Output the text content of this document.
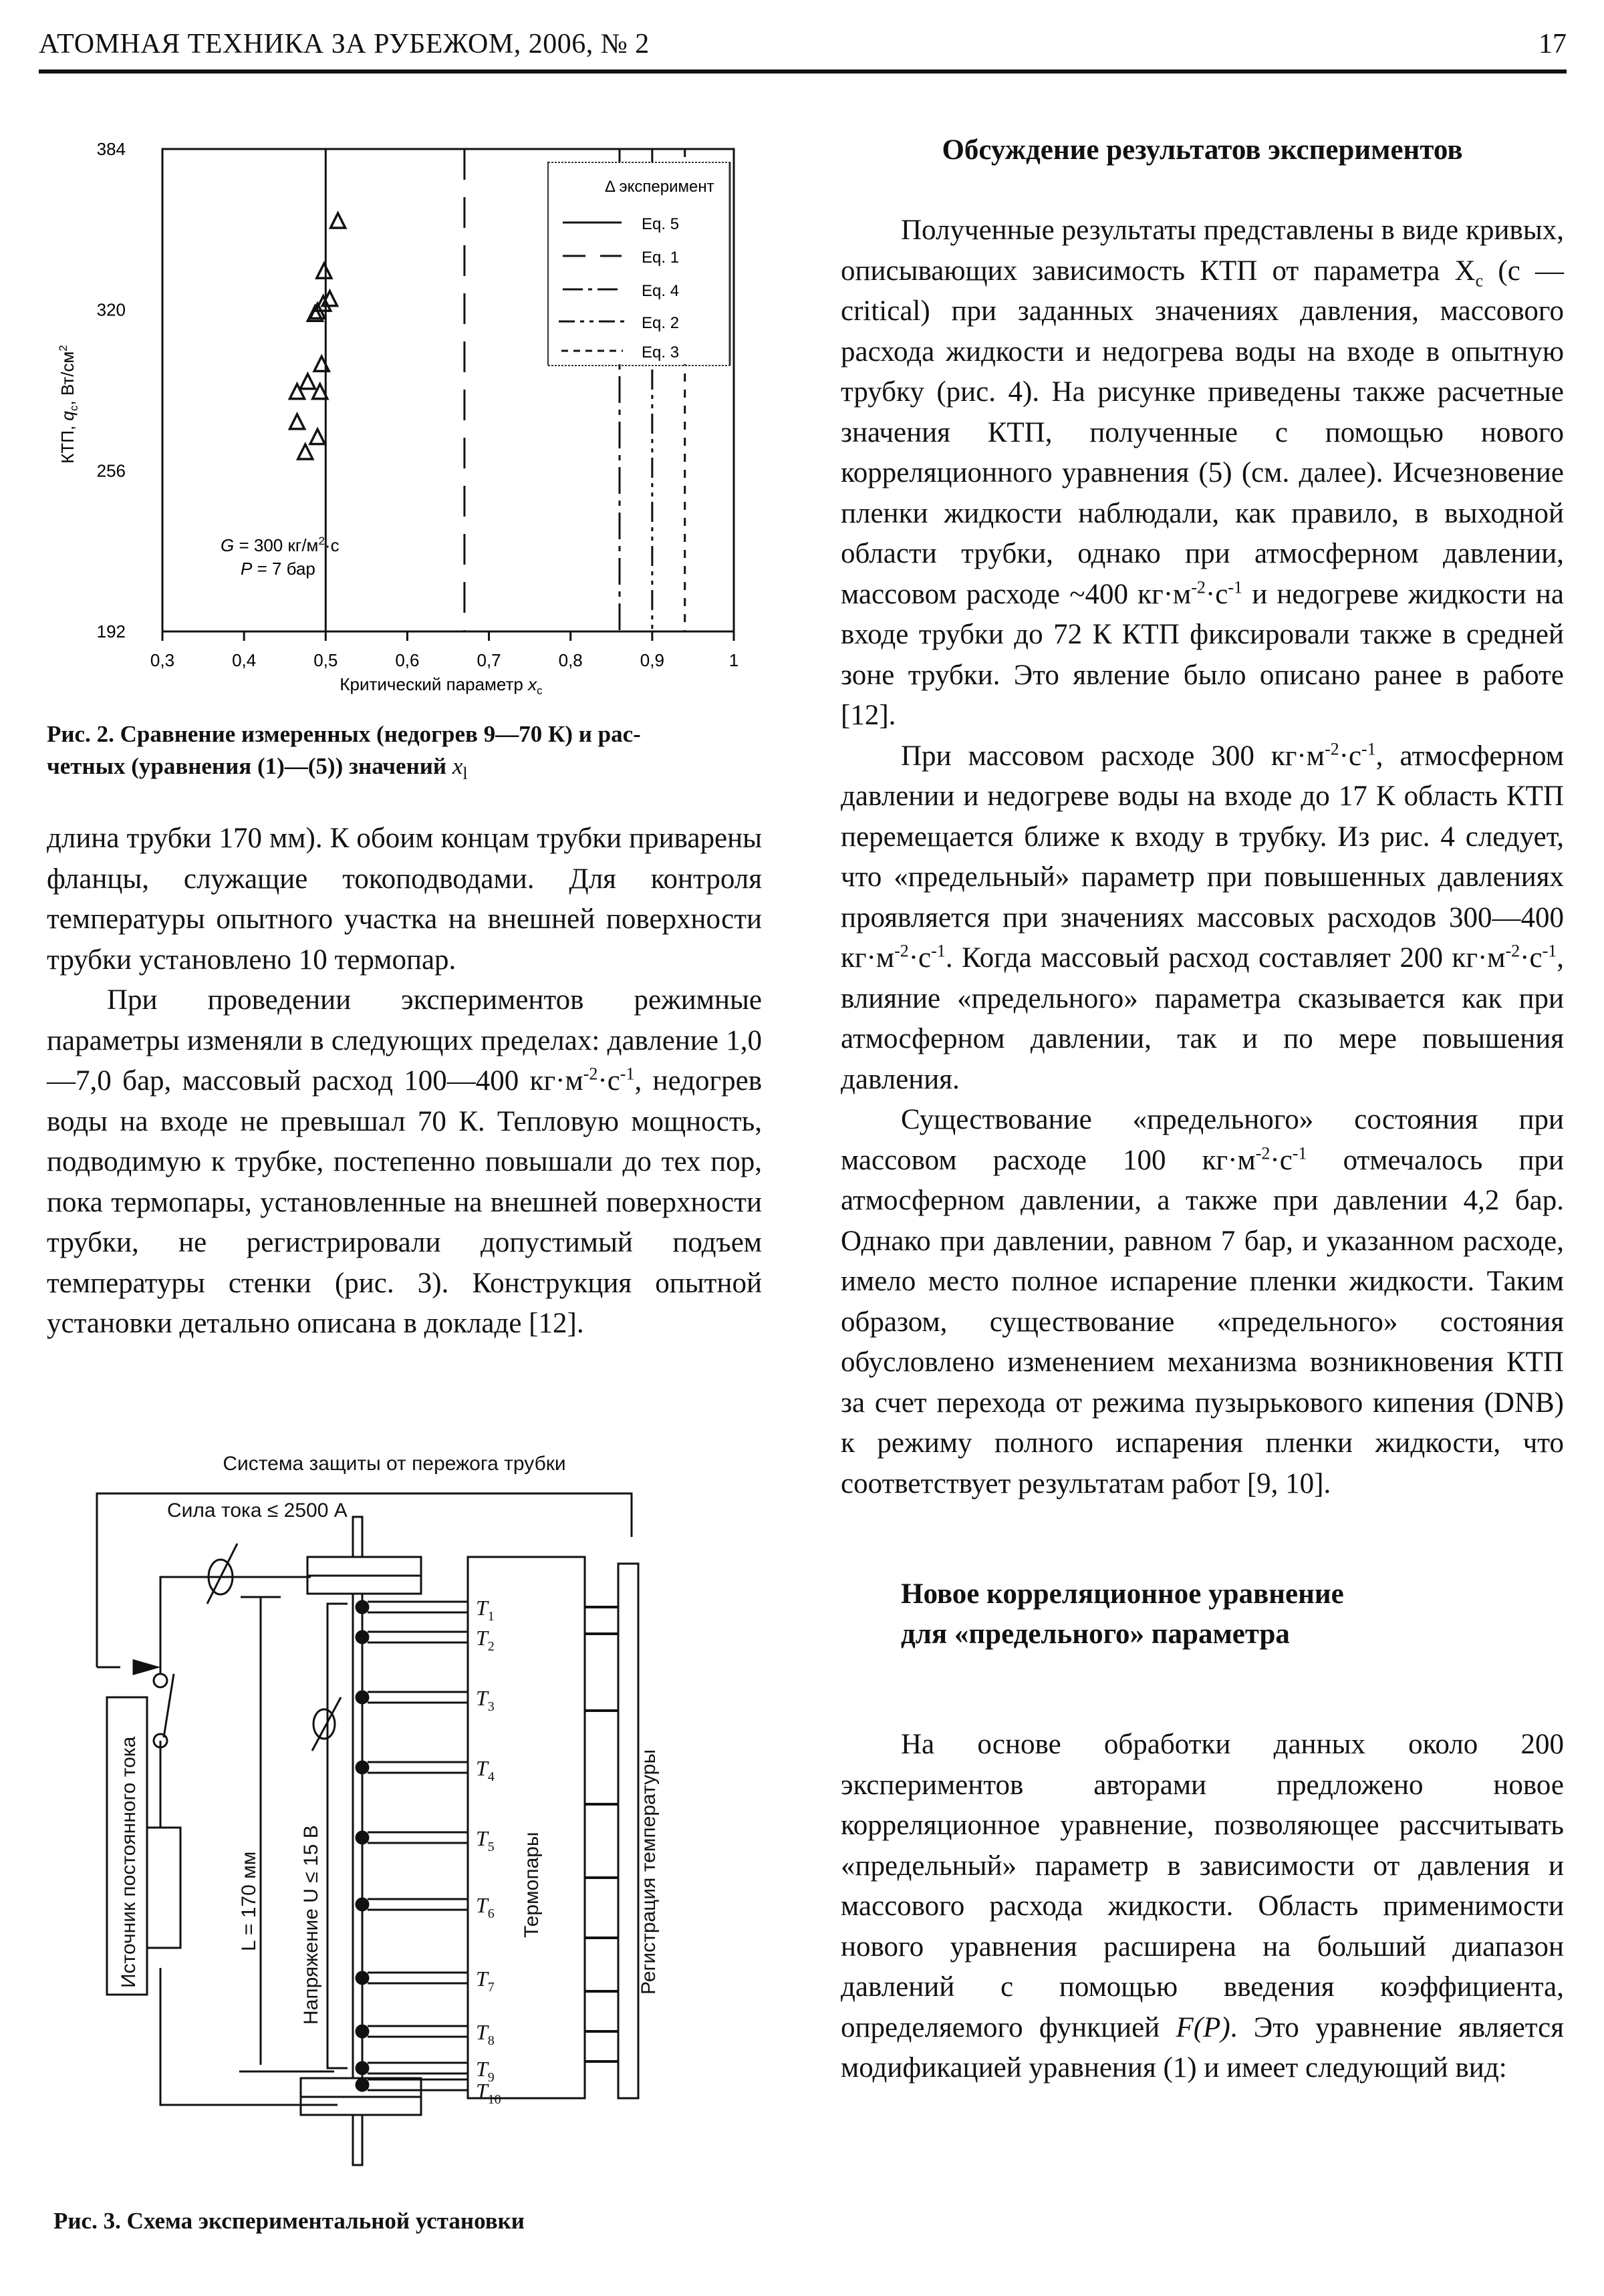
АТОМНАЯ ТЕХНИКА ЗА РУБЕЖОМ, 2006, № 2	17
0,3	0,4	0,5	0,6	0,7	0,8	0,9	1
192
256
320
384
Δ эксперимент
Eq. 5
Eq. 1
Eq. 4
Eq. 2
Eq. 3
G = 300 $кг/м^2\cdot с$
P = 7 бар
Критический параметр $x_c$
КТП, $q_c$, $Вт/см^2$
Рис. 2. Сравнение измеренных (недогрев 9—70 К) и рас-
четных (уравнения (1)—(5)) значений $x_l$

длина трубки 170 мм). К обоим концам трубки приварены фланцы, служащие токоподводами. Для контроля температуры опытного участка на внешней поверхности трубки установлено 10 термопар.

При проведении экспериментов режимные параметры изменяли в следующих пределах: давление 1,0—7,0 бар, массовый расход 100—400 $кг\cdot м^{-2}\cdot с^{-1}$, недогрев воды на входе не превышал 70 К. Тепловую мощность, подводимую к трубке, постепенно повышали до тех пор, пока термопары, установленные на внешней поверхности трубки, не регистрировали допустимый подъем температуры стенки (рис. 3). Конструкция опытной установки детально описана в докладе [12].

Система защиты от пережога трубки
Сила тока ≤ 2500 А
$T_1$
$T_2$
$T_3$
$T_4$
$T_5$
$T_6$
$T_7$
$T_8$
$T_9$
$T_{10}$
Источник постоянного тока	L = 170 мм Напряжение U ≤ 15 В	Термопары	Регистрация температуры
Рис. 3. Схема экспериментальной установки
Обсуждение результатов экспериментов

Полученные результаты представлены в виде кривых, описывающих зависимость КТП от параметра $X_c$ (с — critical) при заданных значениях давления, массового расхода жидкости и недогрева воды на входе в опытную трубку (рис. 4). На рисунке приведены также расчетные значения КТП, полученные с помощью нового корреляционного уравнения (5) (см. далее). Исчезновение пленки жидкости наблюдали, как правило, в выходной области трубки, однако при атмосферном давлении, массовом расходе ~400 $кг\cdot м^{-2}\cdot с^{-1}$ и недогреве жидкости на входе трубки до 72 К КТП фиксировали также в средней зоне трубки. Это явление было описано ранее в работе [12].

При массовом расходе 300 $кг\cdot м^{-2}\cdot с^{-1}$, атмосферном давлении и недогреве воды на входе до 17 К область КТП перемещается ближе к входу в трубку. Из рис. 4 следует, что «предельный» параметр при повышенных давлениях проявляется при значениях массовых расходов 300—400 $кг\cdot м^{-2}\cdot с^{-1}$. Когда массовый расход составляет 200 $кг\cdot м^{-2}\cdot с^{-1}$, влияние «предельного» параметра сказывается как при атмосферном давлении, так и по мере повышения давления.

Существование «предельного» состояния при массовом расходе 100 $кг\cdot м^{-2}\cdot с^{-1}$ отмечалось при атмосферном давлении, а также при давлении 4,2 бар. Однако при давлении, равном 7 бар, и указанном расходе, имело место полное испарение пленки жидкости. Таким образом, существование «предельного» состояния обусловлено изменением механизма возникновения КТП за счет перехода от режима пузырькового кипения (DNB) к режиму полного испарения пленки жидкости, что соответствует результатам работ [9, 10].

Новое корреляционное уравнение
для «предельного» параметра

На основе обработки данных около 200 экспериментов авторами предложено новое корреляционное уравнение, позволяющее рассчитывать «предельный» параметр в зависимости от давления и массового расхода жидкости. Область применимости нового уравнения расширена на больший диапазон давлений с помощью введения коэффициента, определяемого функцией F(P). Это уравнение является модификацией уравнения (1) и имеет следующий вид:
